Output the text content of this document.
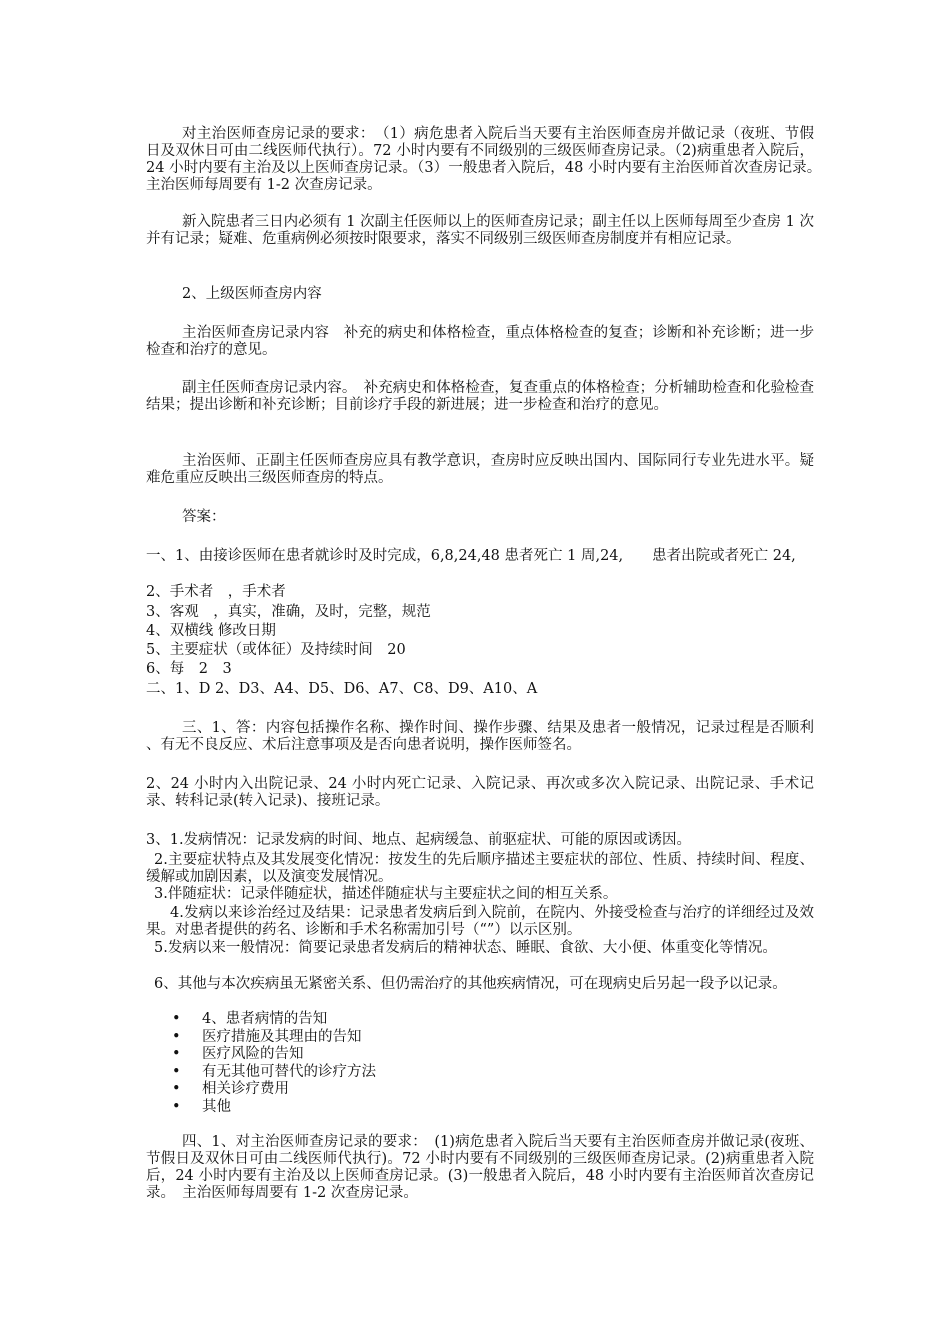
对主治医师查房记录的要求：　（1）病危患者入院后当天要有主治医师查房并做记录（夜班、节假日及双休日可由二线医师代执行）。72 小时内要有不同级别的三级医师查房记录。（2)病重患者入院后，24 小时内要有主治及以上医师查房记录。（3）一般患者入院后，48 小时内要有主治医师首次查房记录。　主治医师每周要有 1-2 次查房记录。

新入院患者三日内必须有 1 次副主任医师以上的医师查房记录；副主任以上医师每周至少查房 1 次并有记录；疑难、危重病例必须按时限要求，落实不同级别三级医师查房制度并有相应记录。

2、上级医师查房内容

主治医师查房记录内容　补充的病史和体格检查，重点体格检查的复查；诊断和补充诊断；进一步检查和治疗的意见。

副主任医师查房记录内容。　补充病史和体格检查，复查重点的体格检查；分析辅助检查和化验检查结果；提出诊断和补充诊断；目前诊疗手段的新进展；进一步检查和治疗的意见。

主治医师、正副主任医师查房应具有教学意识，查房时应反映出国内、国际同行专业先进水平。疑难危重应反映出三级医师查房的特点。

答案：

一、1、由接诊医师在患者就诊时及时完成，6,8,24,48 患者死亡 1 周,24,　　患者出院或者死亡 24,

2、手术者　，手术者

3、客观　，真实，准确，及时，完整，规范

4、双横线 修改日期

5、主要症状（或体征）及持续时间　20

6、每　2　3

二、1、D 2、D3、A4、D5、D6、A7、C8、D9、A10、A

三、1、答：内容包括操作名称、操作时间、操作步骤、结果及患者一般情况，记录过程是否顺利 、有无不良反应、术后注意事项及是否向患者说明，操作医师签名。

2、24 小时内入出院记录、24 小时内死亡记录、入院记录、再次或多次入院记录、出院记录、手术记录、转科记录(转入记录)、接班记录。

3、1.发病情况：记录发病的时间、地点、起病缓急、前驱症状、可能的原因或诱因。

2.主要症状特点及其发展变化情况：按发生的先后顺序描述主要症状的部位、性质、持续时间、程度、缓解或加剧因素，以及演变发展情况。

3.伴随症状：记录伴随症状，描述伴随症状与主要症状之间的相互关系。

4.发病以来诊治经过及结果：记录患者发病后到入院前，在院内、外接受检查与治疗的详细经过及效果。对患者提供的药名、诊断和手术名称需加引号（“”）以示区别。

5.发病以来一般情况：简要记录患者发病后的精神状态、睡眠、食欲、大小便、体重变化等情况。

6、其他与本次疾病虽无紧密关系、但仍需治疗的其他疾病情况，可在现病史后另起一段予以记录。

• 4、患者病情的告知
• 医疗措施及其理由的告知
• 医疗风险的告知
• 有无其他可替代的诊疗方法
• 相关诊疗费用
• 其他

四、1、对主治医师查房记录的要求：　(1)病危患者入院后当天要有主治医师查房并做记录(夜班、节假日及双休日可由二线医师代执行)。72 小时内要有不同级别的三级医师查房记录。(2)病重患者入院后，24 小时内要有主治及以上医师查房记录。(3)一般患者入院后，48 小时内要有主治医师首次查房记录。　主治医师每周要有 1-2 次查房记录。
